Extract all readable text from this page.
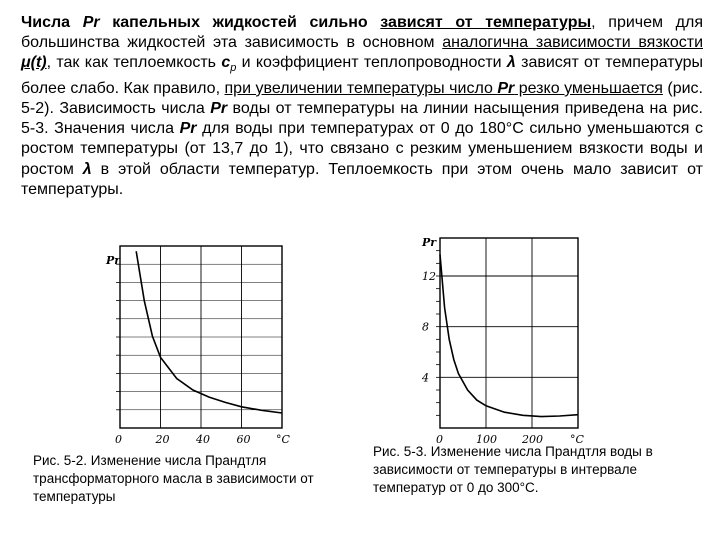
Числа Pr капельных жидкостей сильно зависят от температуры, причем для большинства жидкостей эта зависимость в основном аналогична зависимости вязкости μ(t), так как теплоемкость $c_p$ и коэффициент теплопроводности λ зависят от температуры более слабо. Как правило, при увеличении температуры число Pr резко уменьшается (рис. 5-2). Зависимость числа Pr воды от температуры на линии насыщения приведена на рис. 5-3. Значения числа Pr для воды при температурах от 0 до 180°С сильно уменьшаются с ростом температуры (от 13,7 до 1), что связано с резким уменьшением вязкости воды и ростом λ в этой области температур. Теплоемкость при этом очень мало зависит от температуры.
Pr
0	20 40 60 °C
Pr
12
8
4
0	100 200 °C
Рис. 5-2. Изменение числа Прандтля трансформаторного масла в зависимости от температуры
Рис. 5-3. Изменение числа Прандтля воды в зависимости от температуры в интервале температур от 0 до 300°С.
